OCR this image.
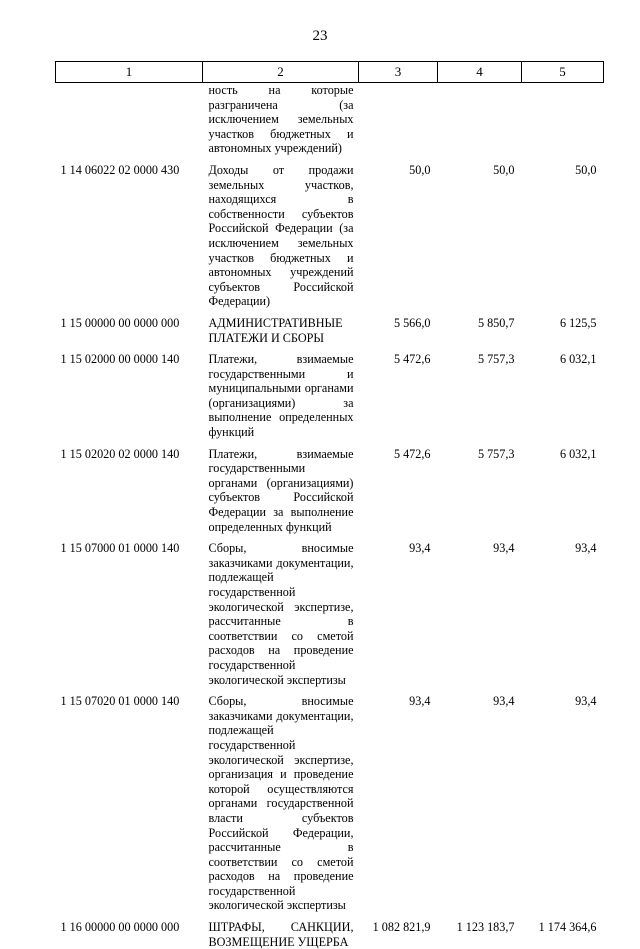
23
1	2	3	4	5
	ность на которые разграничена (за исключением земельных участков бюджетных и автономных учреждений)			
1 14 06022 02 0000 430	Доходы от продажи земельных участков, находящихся в собственности субъектов Российской Федерации (за исключением земельных участков бюджетных и автономных учреждений субъектов Российской Федерации)	50,0	50,0	50,0
1 15 00000 00 0000 000	АДМИНИСТРАТИВНЫЕ ПЛАТЕЖИ И СБОРЫ	5 566,0	5 850,7	6 125,5
1 15 02000 00 0000 140	Платежи, взимаемые государственными и муниципальными органами (организациями) за выполнение определенных функций	5 472,6	5 757,3	6 032,1
1 15 02020 02 0000 140	Платежи, взимаемые государственными органами (организациями) субъектов Российской Федерации за выполнение определенных функций	5 472,6	5 757,3	6 032,1
1 15 07000 01 0000 140	Сборы, вносимые заказчиками документации, подлежащей государственной экологической экспертизе, рассчитанные в соответствии со сметой расходов на проведение государственной экологической экспертизы	93,4	93,4	93,4
1 15 07020 01 0000 140	Сборы, вносимые заказчиками документации, подлежащей государственной экологической экспертизе, организация и проведение которой осуществляются органами государственной власти субъектов Российской Федерации, рассчитанные в соответствии со сметой расходов на проведение государственной экологической экспертизы	93,4	93,4	93,4
1 16 00000 00 0000 000	ШТРАФЫ, САНКЦИИ, ВОЗМЕЩЕНИЕ УЩЕРБА	1 082 821,9	1 123 183,7	1 174 364,6
